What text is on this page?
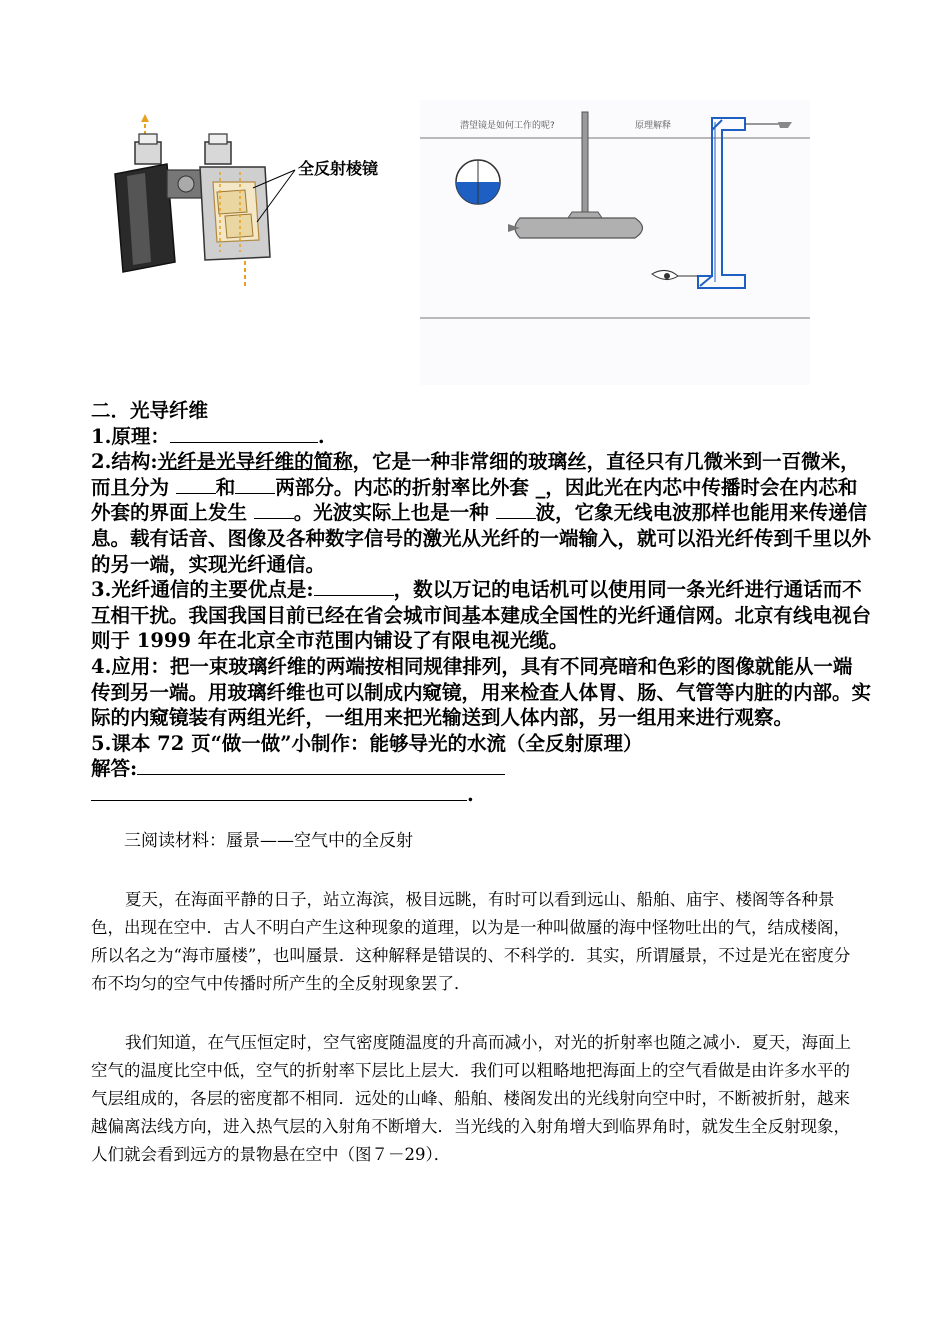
全反射棱镜
潜望镜是如何工作的呢?	原理解释

二．光导纤维

1.原理：	.

2.结构:光纤是光导纤维的简称，它是一种非常细的玻璃丝，直径只有几微米到一百微米，而且分为 和 两部分。内芯的折射率比外套 _，因此光在内芯中传播时会在内芯和外套的界面上发生 。光波实际上也是一种 波，它象无线电波那样也能用来传递信息。载有话音、图像及各种数字信号的激光从光纤的一端输入，就可以沿光纤传到千里以外的另一端，实现光纤通信。

3.光纤通信的主要优点是:	，数以万记的电话机可以使用同一条光纤进行通话而不互相干扰。我国我国目前已经在省会城市间基本建成全国性的光纤通信网。北京有线电视台则于 1999 年在北京全市范围内铺设了有限电视光缆。

4.应用：把一束玻璃纤维的两端按相同规律排列，具有不同亮暗和色彩的图像就能从一端传到另一端。用玻璃纤维也可以制成内窥镜，用来检查人体胃、肠、气管等内脏的内部。实际的内窥镜装有两组光纤，一组用来把光输送到人体内部，另一组用来进行观察。

5.课本 72 页“做一做”小制作：能够导光的水流（全反射原理）

解答:

.

三阅读材料：蜃景——空气中的全反射

夏天，在海面平静的日子，站立海滨，极目远眺，有时可以看到远山、船舶、庙宇、楼阁等各种景色，出现在空中．古人不明白产生这种现象的道理，以为是一种叫做蜃的海中怪物吐出的气，结成楼阁，所以名之为“海市蜃楼”，也叫蜃景．这种解释是错误的、不科学的．其实，所谓蜃景，不过是光在密度分布不均匀的空气中传播时所产生的全反射现象罢了．

我们知道，在气压恒定时，空气密度随温度的升高而减小，对光的折射率也随之减小．夏天，海面上空气的温度比空中低，空气的折射率下层比上层大．我们可以粗略地把海面上的空气看做是由许多水平的气层组成的，各层的密度都不相同．远处的山峰、船舶、楼阁发出的光线射向空中时，不断被折射，越来越偏离法线方向，进入热气层的入射角不断增大．当光线的入射角增大到临界角时，就发生全反射现象，人们就会看到远方的景物悬在空中（图７－29）．
